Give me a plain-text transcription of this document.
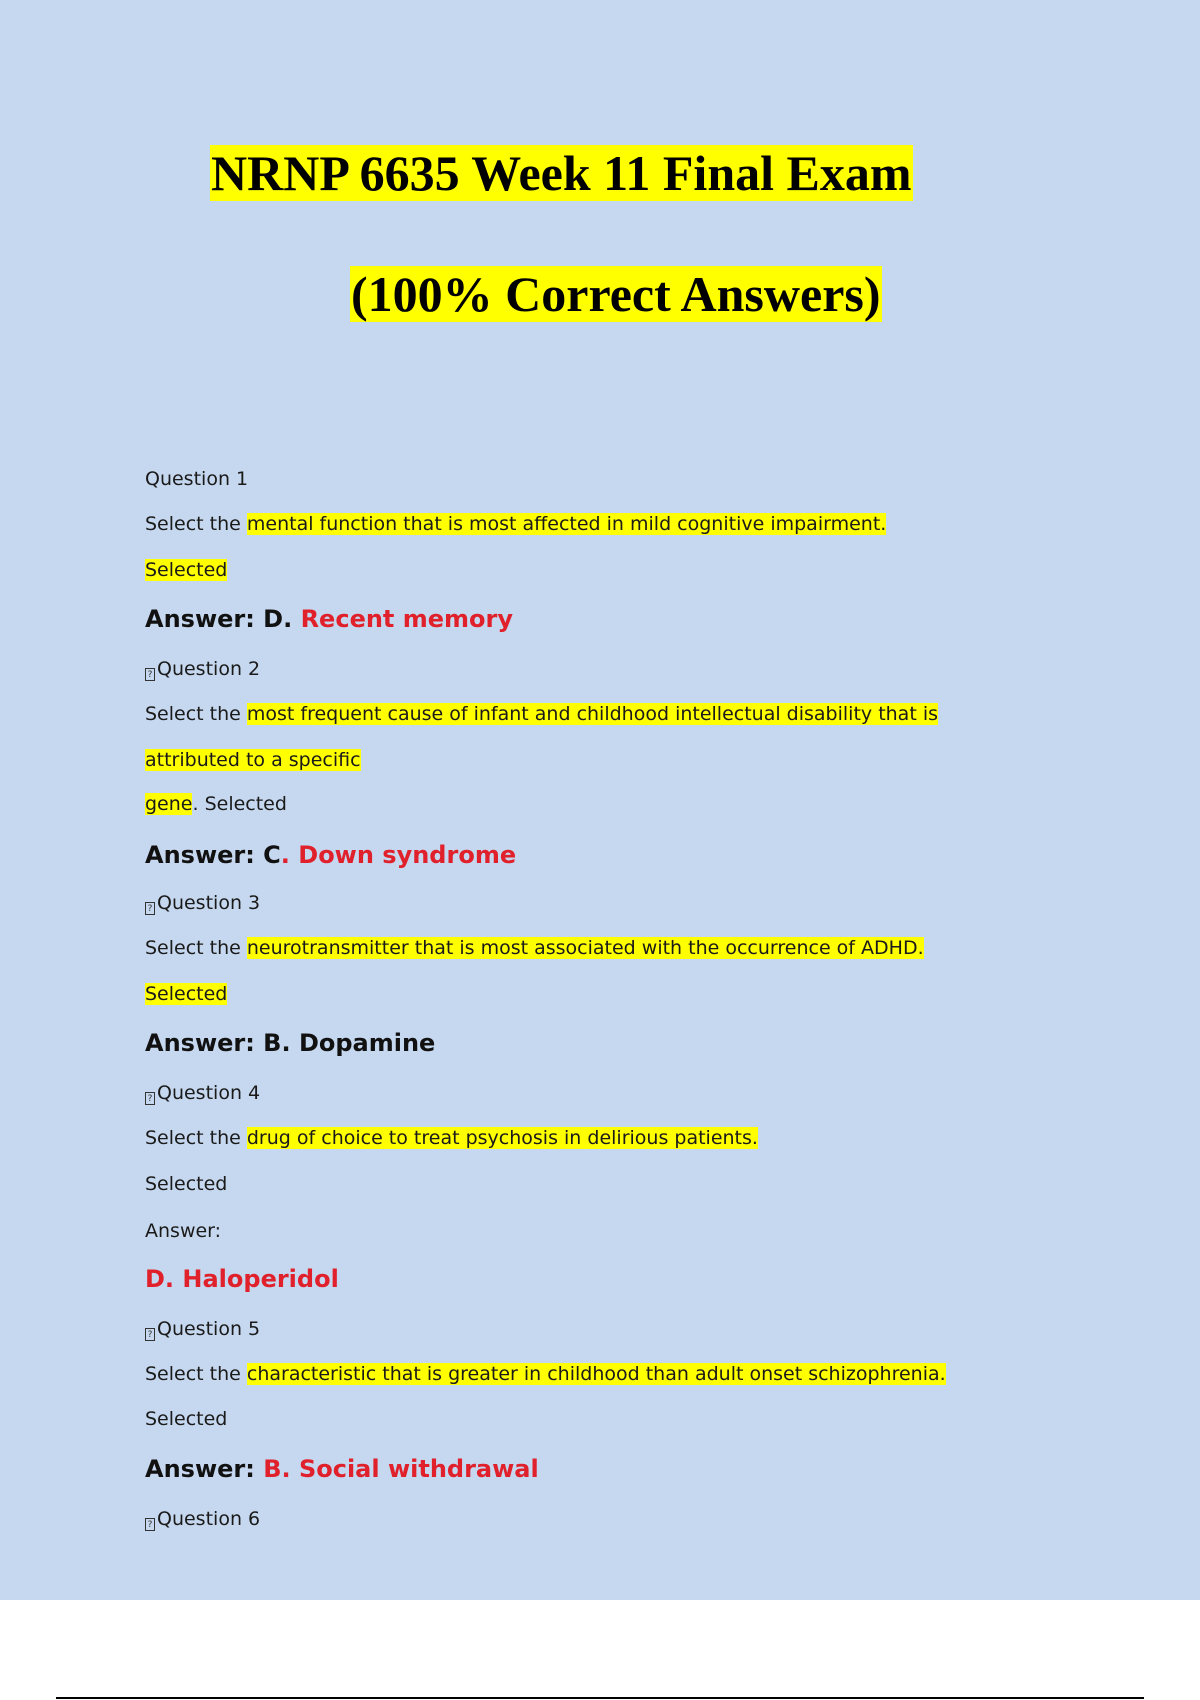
NRNP 6635 Week 11 Final Exam
(100% Correct Answers)
Question 1
Select the mental function that is most affected in mild cognitive impairment.
Selected
Answer: D. Recent memory
? Question 2
Select the most frequent cause of infant and childhood intellectual disability that is
attributed to a specific
gene. Selected
Answer: C. Down syndrome
? Question 3
Select the neurotransmitter that is most associated with the occurrence of ADHD.
Selected
Answer: B. Dopamine
? Question 4
Select the drug of choice to treat psychosis in delirious patients.
Selected
Answer:
D. Haloperidol
? Question 5
Select the characteristic that is greater in childhood than adult onset schizophrenia.
Selected
Answer: B. Social withdrawal
? Question 6
